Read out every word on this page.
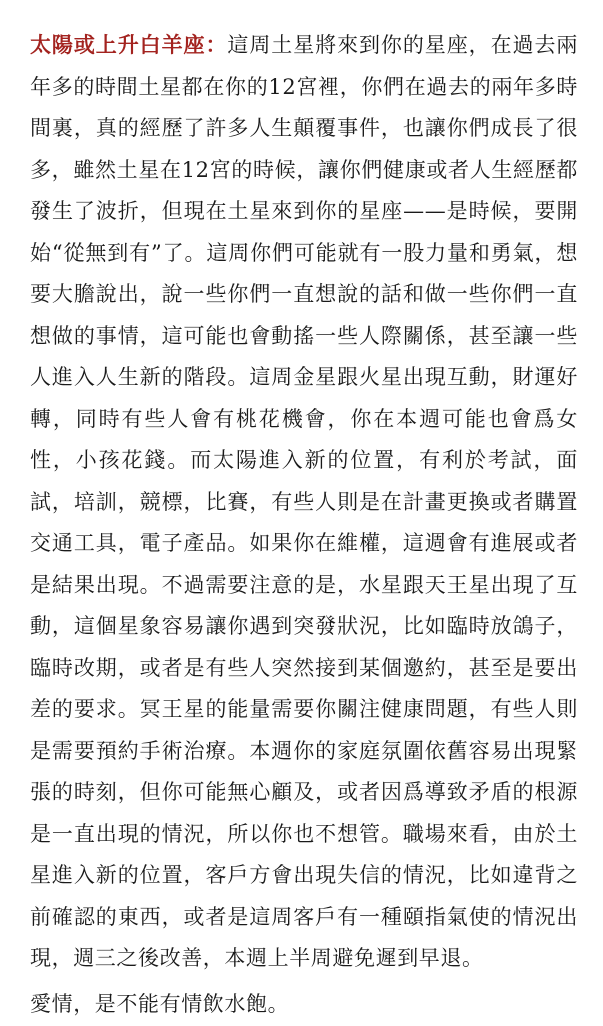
太陽或上升白羊座：這周土星將來到你的星座，在過去兩年多的時間土星都在你的12宮裡，你們在過去的兩年多時間裏，真的經歷了許多人生顛覆事件，也讓你們成長了很多，雖然土星在12宮的時候，讓你們健康或者人生經歷都發生了波折，但現在土星來到你的星座——是時候，要開始“從無到有”了。這周你們可能就有一股力量和勇氣，想要大膽說出，說一些你們一直想說的話和做一些你們一直想做的事情，這可能也會動搖一些人際關係，甚至讓一些人進入人生新的階段。這周金星跟火星出現互動，財運好轉，同時有些人會有桃花機會，你在本週可能也會爲女性，小孩花錢。而太陽進入新的位置，有利於考試，面試，培訓，競標，比賽，有些人則是在計畫更換或者購置交通工具，電子產品。如果你在維權，這週會有進展或者是結果出現。不過需要注意的是，水星跟天王星出現了互動，這個星象容易讓你遇到突發狀況，比如臨時放鴿子，臨時改期，或者是有些人突然接到某個邀約，甚至是要出差的要求。冥王星的能量需要你關注健康問題，有些人則是需要預約手術治療。本週你的家庭氛圍依舊容易出現緊張的時刻，但你可能無心顧及，或者因爲導致矛盾的根源是一直出現的情況，所以你也不想管。職場來看，由於土星進入新的位置，客戶方會出現失信的情況，比如違背之前確認的東西，或者是這周客戶有一種頤指氣使的情況出現，週三之後改善，本週上半周避免遲到早退。

愛情，是不能有情飲水飽。
